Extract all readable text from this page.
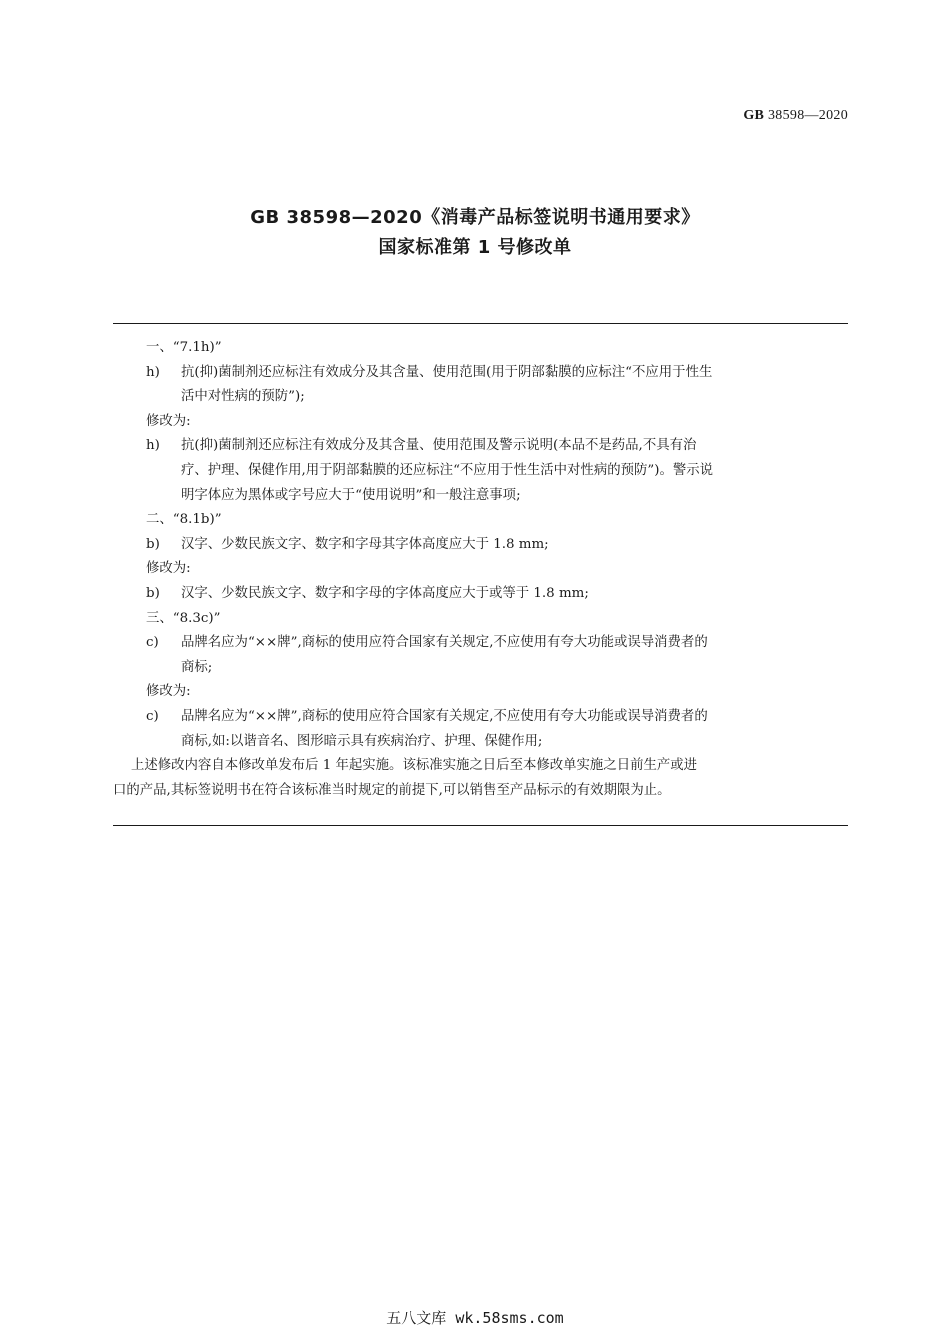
GB 38598—2020
GB 38598—2020《消毒产品标签说明书通用要求》
国家标准第 1 号修改单
一、“7.1h)”
h) 抗(抑)菌制剂还应标注有效成分及其含量、使用范围(用于阴部黏膜的应标注“不应用于性生
活中对性病的预防”);
修改为:
h) 抗(抑)菌制剂还应标注有效成分及其含量、使用范围及警示说明(本品不是药品,不具有治
疗、护理、保健作用,用于阴部黏膜的还应标注“不应用于性生活中对性病的预防”)。警示说
明字体应为黑体或字号应大于“使用说明”和一般注意事项;
二、“8.1b)”
b) 汉字、少数民族文字、数字和字母其字体高度应大于 1.8 mm;
修改为:
b) 汉字、少数民族文字、数字和字母的字体高度应大于或等于 1.8 mm;
三、“8.3c)”
c) 品牌名应为“××牌”,商标的使用应符合国家有关规定,不应使用有夸大功能或误导消费者的
商标;
修改为:
c) 品牌名应为“××牌”,商标的使用应符合国家有关规定,不应使用有夸大功能或误导消费者的
商标,如:以谐音名、图形暗示具有疾病治疗、护理、保健作用;
上述修改内容自本修改单发布后 1 年起实施。该标准实施之日后至本修改单实施之日前生产或进
口的产品,其标签说明书在符合该标准当时规定的前提下,可以销售至产品标示的有效期限为止。
五八文库 wk.58sms.com
